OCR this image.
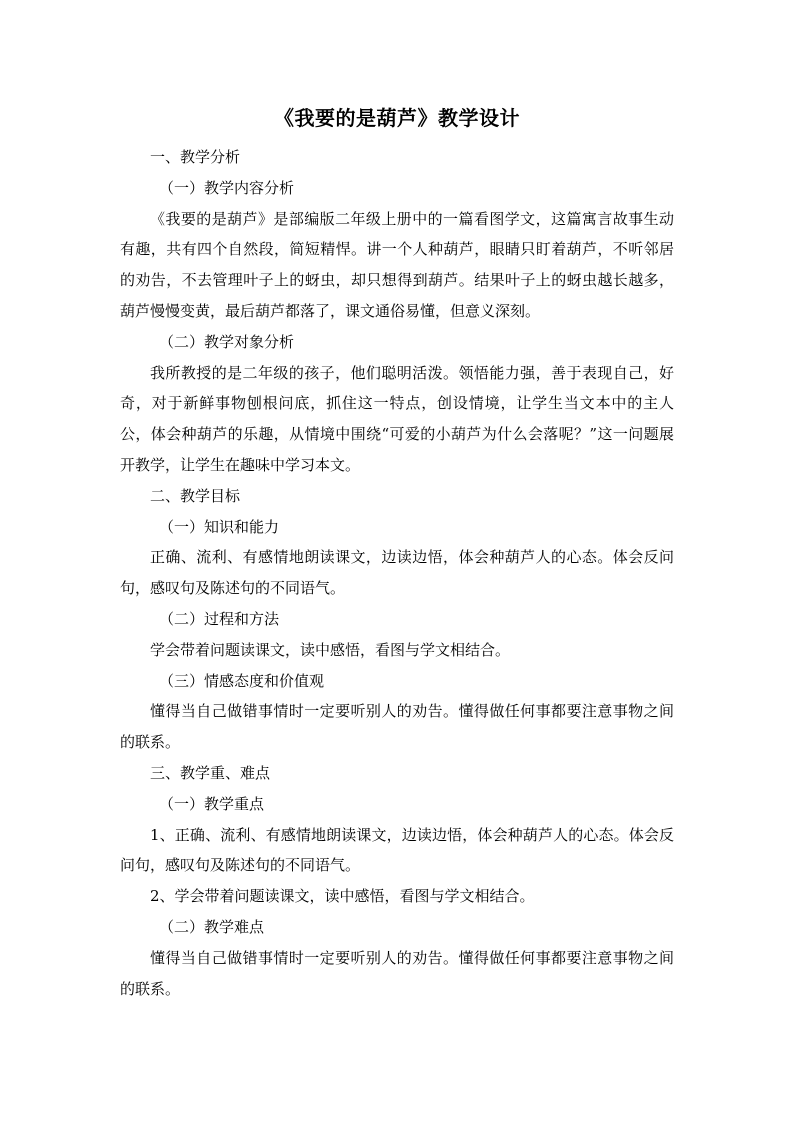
《我要的是葫芦》教学设计
一、教学分析
（一）教学内容分析
《我要的是葫芦》是部编版二年级上册中的一篇看图学文，这篇寓言故事生动有趣，共有四个自然段，简短精悍。讲一个人种葫芦，眼睛只盯着葫芦，不听邻居的劝告，不去管理叶子上的蚜虫，却只想得到葫芦。结果叶子上的蚜虫越长越多，葫芦慢慢变黄，最后葫芦都落了，课文通俗易懂，但意义深刻。
（二）教学对象分析
我所教授的是二年级的孩子，他们聪明活泼。领悟能力强，善于表现自己，好奇，对于新鲜事物刨根问底，抓住这一特点，创设情境，让学生当文本中的主人公，体会种葫芦的乐趣，从情境中围绕“可爱的小葫芦为什么会落呢？”这一问题展开教学，让学生在趣味中学习本文。
二、教学目标
（一）知识和能力
正确、流利、有感情地朗读课文，边读边悟，体会种葫芦人的心态。体会反问句，感叹句及陈述句的不同语气。
（二）过程和方法
学会带着问题读课文，读中感悟，看图与学文相结合。
（三）情感态度和价值观
懂得当自己做错事情时一定要听别人的劝告。懂得做任何事都要注意事物之间的联系。
三、教学重、难点
（一）教学重点
1、正确、流利、有感情地朗读课文，边读边悟，体会种葫芦人的心态。体会反问句，感叹句及陈述句的不同语气。
2、学会带着问题读课文，读中感悟，看图与学文相结合。
（二）教学难点
懂得当自己做错事情时一定要听别人的劝告。懂得做任何事都要注意事物之间的联系。
